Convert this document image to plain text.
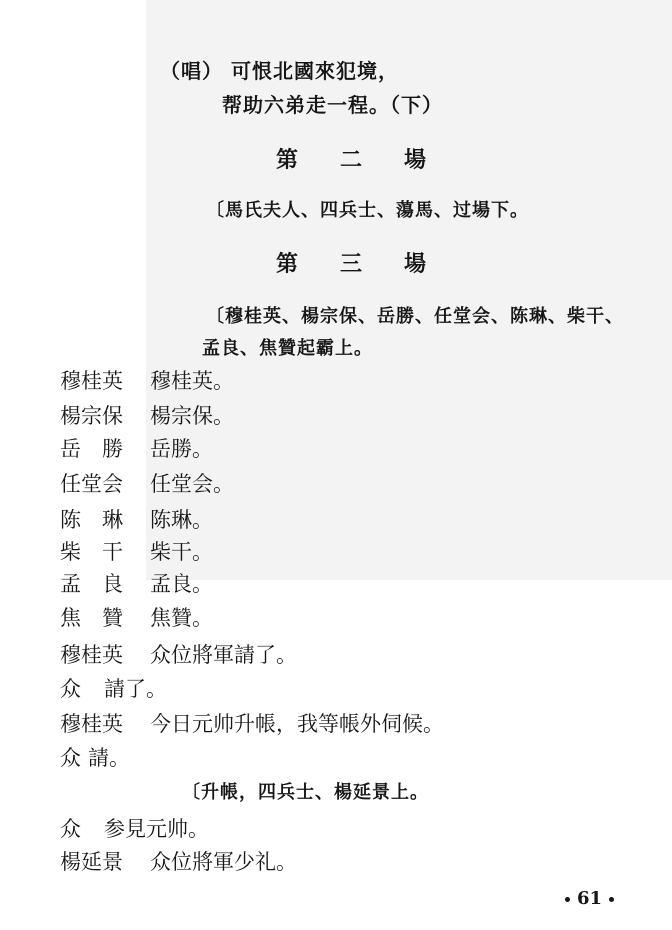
（唱） 可恨北國來犯境，
帮助六弟走一程。（下）
第 二 場
〔馬氏夫人、四兵士、蕩馬、过場下。
第 三 場
〔穆桂英、楊宗保、岳勝、任堂会、陈琳、柴干、
孟良、焦贊起霸上。
穆桂英 穆桂英。
楊宗保 楊宗保。
岳　勝 岳勝。
任堂会 任堂会。
陈　琳 陈琳。
柴　干 柴干。
孟　良 孟良。
焦　贊 焦贊。
穆桂英 众位將軍請了。
众 請了。
穆桂英 今日元帅升帳，我等帳外伺候。
众 請。
〔升帳，四兵士、楊延景上。
众 参見元帅。
楊延景 众位將軍少礼。
61
